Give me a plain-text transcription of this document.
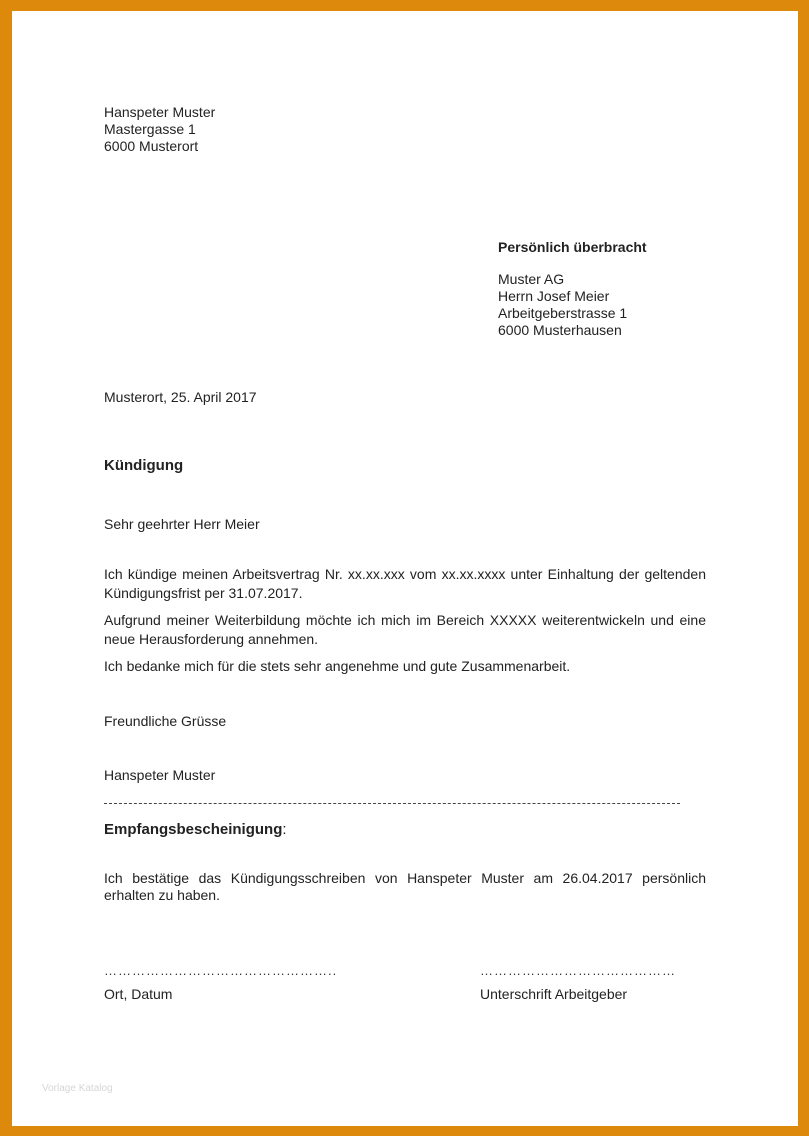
Hanspeter Muster
Mastergasse 1
6000 Musterort
Persönlich überbracht
Muster AG
Herrn Josef Meier
Arbeitgeberstrasse 1
6000 Musterhausen
Musterort, 25. April 2017
Kündigung
Sehr geehrter Herr Meier
Ich kündige meinen Arbeitsvertrag Nr. xx.xx.xxx vom xx.xx.xxxx unter Einhaltung der geltenden Kündigungsfrist per 31.07.2017.
Aufgrund meiner Weiterbildung möchte ich mich im Bereich XXXXX weiterentwickeln und eine neue Herausforderung annehmen.
Ich bedanke mich für die stets sehr angenehme und gute Zusammenarbeit.
Freundliche Grüsse
Hanspeter Muster
Empfangsbescheinigung:
Ich bestätige das Kündigungsschreiben von Hanspeter Muster am 26.04.2017 persönlich erhalten zu haben.
…………………………………………..	……………………………………
Ort, Datum	Unterschrift Arbeitgeber
Vorlage Katalog
